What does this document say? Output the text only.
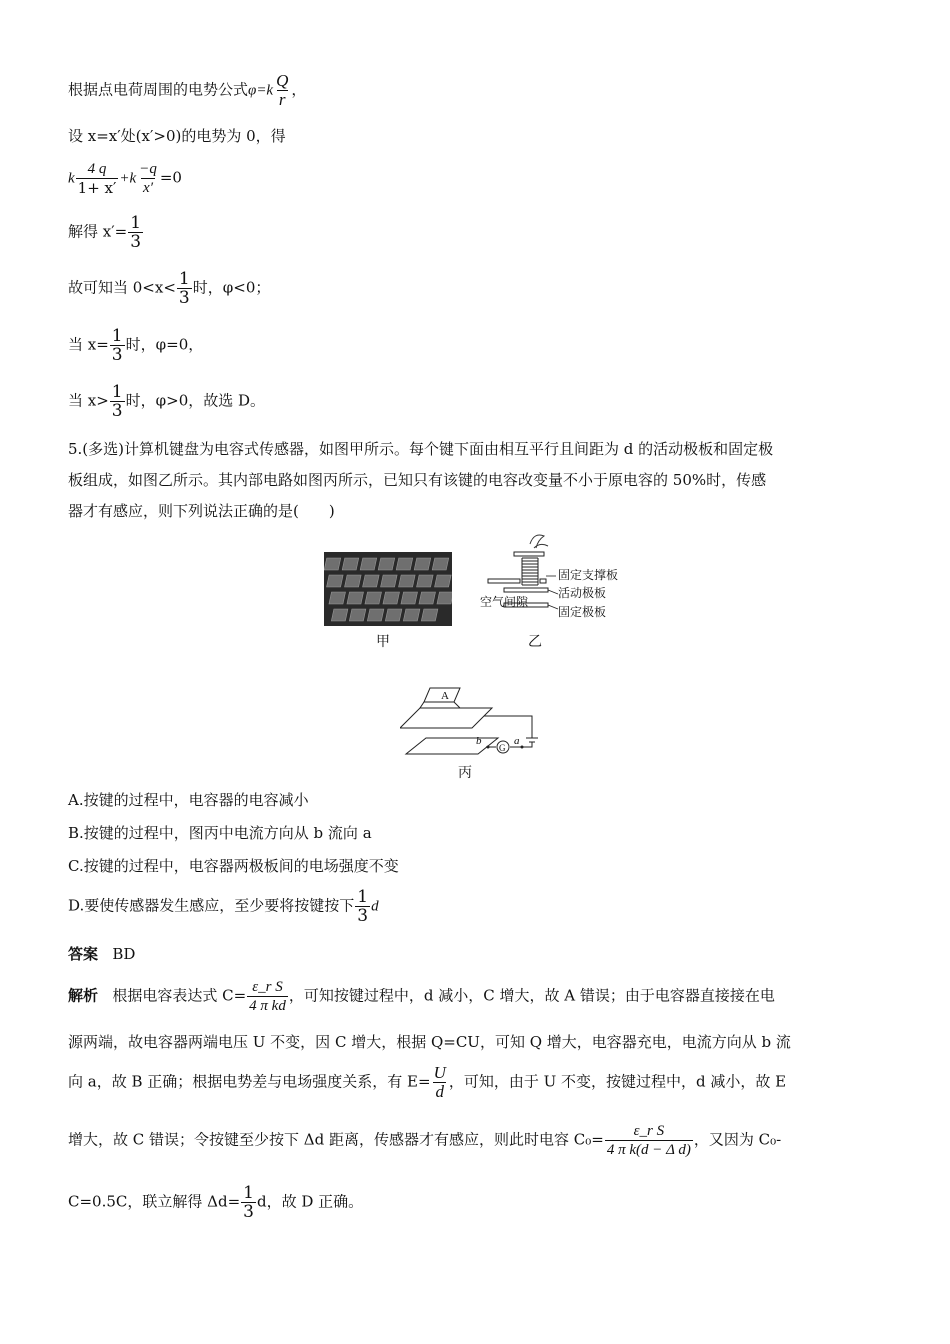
根据点电荷周围的电势公式$\varphi=k \frac{Q}{r}$ ，
设 x=x′处(x′>0)的电势为 0，得
k $\frac{4 q}{1+ x'} +k \frac{-q}{x'} =0$
解得 $x'= \frac{1}{3}$
故可知当 $0<x< \frac{1}{3}$ 时，φ<0；
当 $x= \frac{1}{3}$ 时，φ=0，
当 $x> \frac{1}{3}$ 时，φ>0，故选 D。
5.(多选)计算机键盘为电容式传感器，如图甲所示。每个键下面由相互平行且间距为 d 的活动极板和固定极
板组成，如图乙所示。其内部电路如图丙所示，已知只有该键的电容改变量不小于原电容的 50%时，传感
器才有感应，则下列说法正确的是(　　)
甲
固定支撑板
活动极板
固定极板
空气间隙
乙
A
G
b	a
丙
A.按键的过程中，电容器的电容减小
B.按键的过程中，图丙中电流方向从 b 流向 a
C.按键的过程中，电容器两极板间的电场强度不变
D.要使传感器发生感应，至少要将按键按下 $\frac{1}{3}$ d
答案 BD
解析 根据电容表达式 $C= \frac{\text{ε\_r S}}{\text{4 π kd}}$ ，可知按键过程中，d 减小，C 增大，故 A 错误；由于电容器直接接在电
源两端，故电容器两端电压 U 不变，因 C 增大，根据 Q=CU，可知 Q 增大，电容器充电，电流方向从 b 流
向 a，故 B 正确；根据电势差与电场强度关系，有 $E= \frac{U}{d}$ ，可知，由于 U 不变，按键过程中，d 减小，故 E
增大，故 C 错误；令按键至少按下 Δd 距离，传感器才有感应，则此时电容 $C_0= \frac{\text{ε\_r S}}{\text{4 π k(d − Δ d)}}$ ，又因为 C₀-
C=0.5C，联立解得 $\Delta d= \frac{1}{3}$ d，故 D 正确。
